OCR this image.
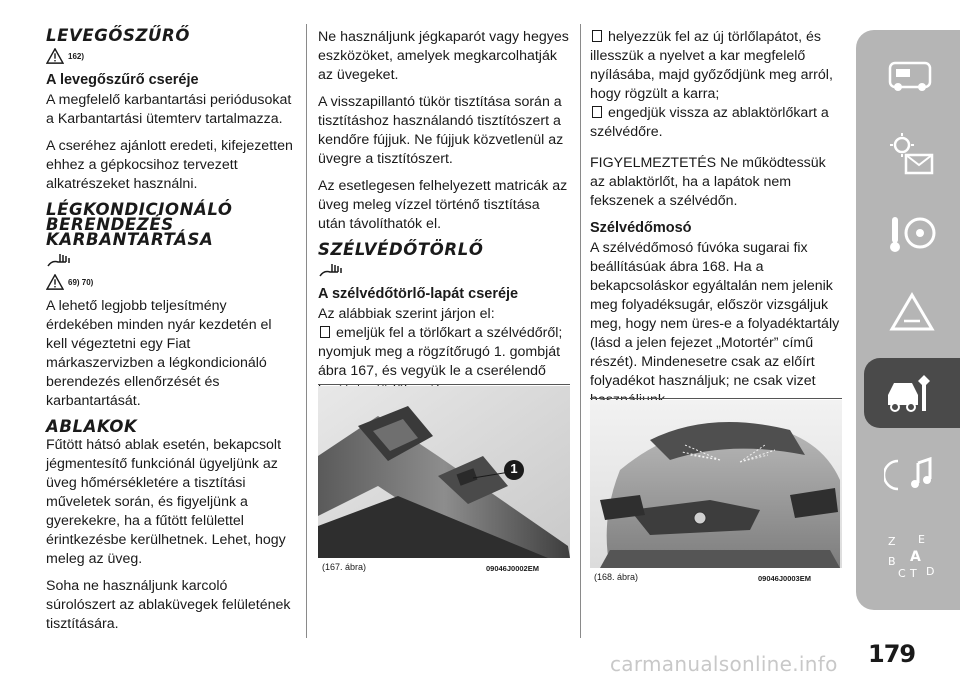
LEVEGŐSZŰRŐ
162)
A levegőszűrő cseréje

A megfelelő karbantartási periódusokat a Karbantartási ütemterv tartalmazza.

A cseréhez ajánlott eredeti, kifejezetten ehhez a gépkocsihoz tervezett alkatrészeket használni.

LÉGKONDICIONÁLÓ BERENDEZÉS KARBANTARTÁSA
69) 70)

A lehető legjobb teljesítmény érdekében minden nyár kezdetén el kell végeztetni egy Fiat márkaszervizben a légkondicionáló berendezés ellenőrzését és karbantartását.

ABLAKOK

Fűtött hátsó ablak esetén, bekapcsolt jégmentesítő funkciónál ügyeljünk az üveg hőmérsékletére a tisztítási műveletek során, és figyeljünk a gyerekekre, ha a fűtött felülettel érintkezésbe kerülhetnek. Lehet, hogy meleg az üveg.

Soha ne használjunk karcoló súrolószert az ablaküvegek felületének tisztítására.

Ne használjunk jégkaparót vagy hegyes eszközöket, amelyek megkarcolhatják az üvegeket.

A visszapillantó tükör tisztítása során a tisztításhoz használandó tisztítószert a kendőre fújjuk. Ne fújjuk közvetlenül az üvegre a tisztítószert.

Az esetlegesen felhelyezett matricák az üveg meleg vízzel történő tisztítása után távolíthatók el.

SZÉLVÉDŐTÖRLŐ
A szélvédőtörlő-lapát cseréje

Az alábbiak szerint járjon el:

emeljük fel a törlőkart a szélvédőről; nyomjuk meg a rögzítőrugó 1. gombját ábra 167, és vegyük le a cserélendő

1
(167. ábra)	09046J0002EM

helyezzük fel az új törlőlapátot, és illesszük a nyelvet a kar megfelelő nyílásába, majd győződjünk meg arról, hogy rögzült a karra;

engedjük vissza az ablaktörlőkart a szélvédőre.

FIGYELMEZTETÉS Ne működtessük az ablaktörlőt, ha a lapátok nem fekszenek a szélvédőn.

Szélvédőmosó

A szélvédőmosó fúvóka sugarai fix beállításúak ábra 168. Ha a bekapcsoláskor egyáltalán nem jelenik meg folyadéksugár, először vizsgáljuk meg, hogy nem üres-e a folyadéktartály (lásd a jelen fejezet „Motortér” című részét). Mindenesetre csak az előírt folyadékot használjuk; ne csak vizet

(168. ábra)	09046J0003EM
Z E
B A
C T D
179
carmanualsonline.info
